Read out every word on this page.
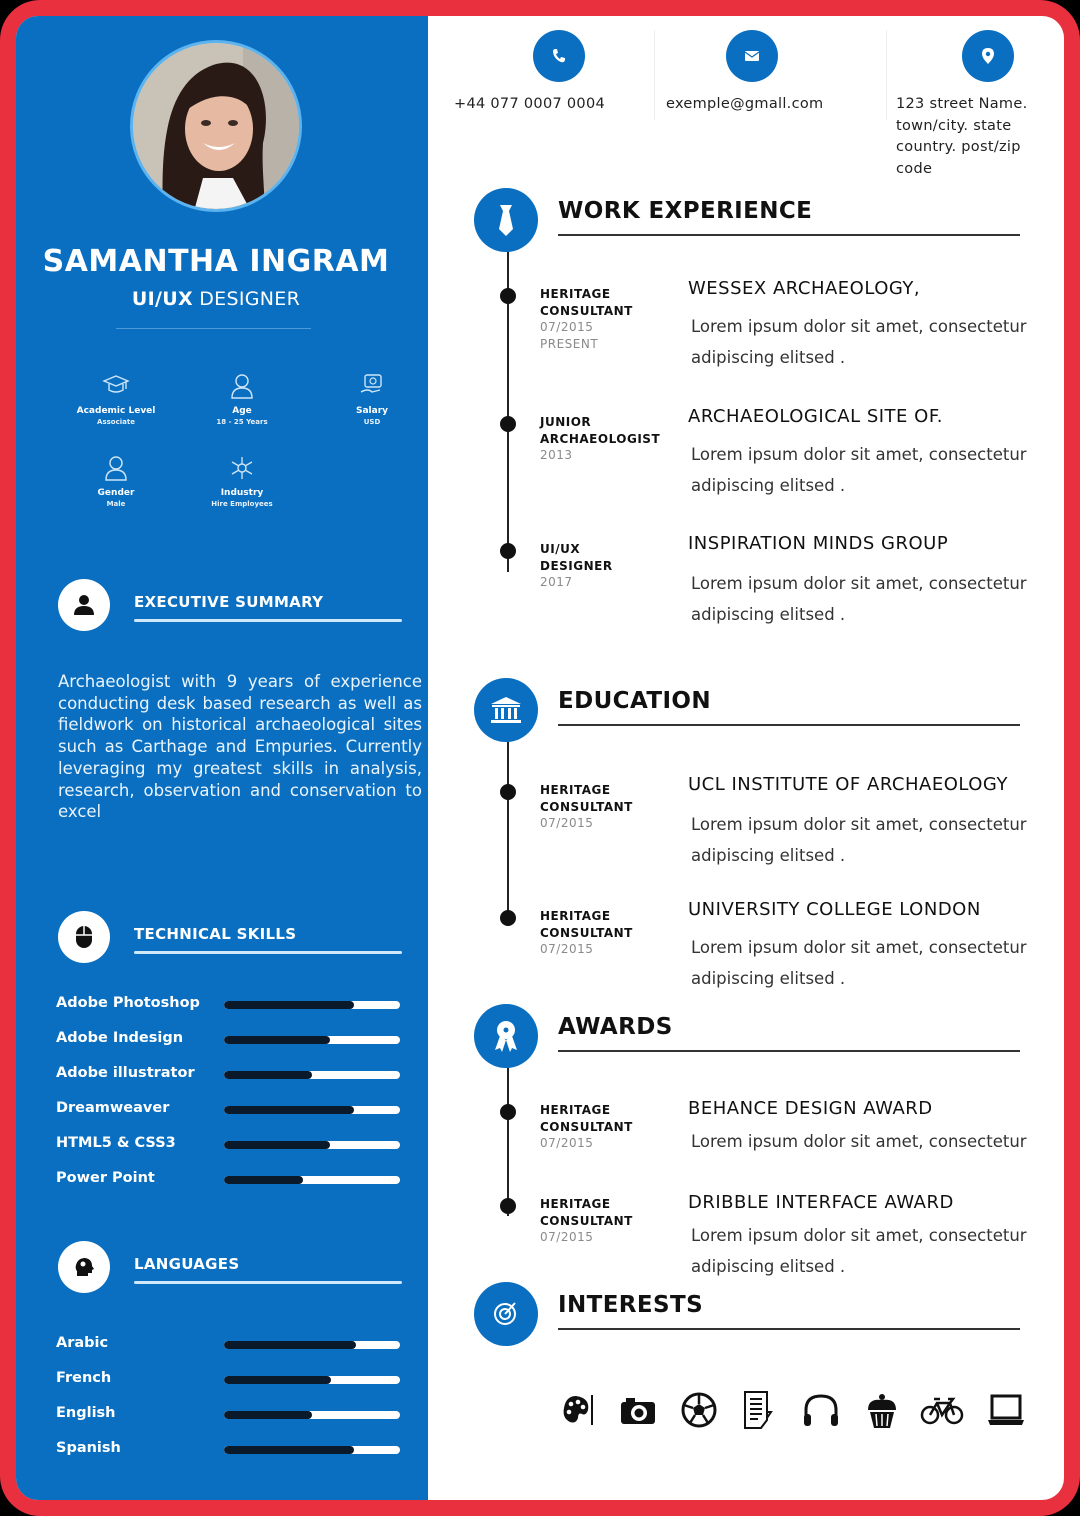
SAMANTHA INGRAM
UI/UX DESIGNER
Academic Level
Associate
Age
18 - 25 Years
Salary
USD
Gender
Male
Industry
Hire Employees
EXECUTIVE SUMMARY
Archaeologist with 9 years of experience conducting desk based research as well as fieldwork on historical archaeological sites such as Carthage and Empuries. Currently leveraging my greatest skills in analysis, research, observation and conservation to excel
TECHNICAL SKILLS
Adobe Photoshop
Adobe Indesign
Adobe illustrator
Dreamweaver
HTML5 & CSS3
Power Point
LANGUAGES
Arabic
French
English
Spanish
+44 077 0007 0004	exemple@gmall.com	123 street Name.
town/city. state
country. post/zip
code
WORK EXPERIENCE
HERITAGE
CONSULTANT
07/2015
PRESENT
WESSEX ARCHAEOLOGY,
Lorem ipsum dolor sit amet, consectetur
adipiscing elitsed .
JUNIOR
ARCHAEOLOGIST
2013
ARCHAEOLOGICAL SITE OF.
Lorem ipsum dolor sit amet, consectetur
adipiscing elitsed .
UI/UX
DESIGNER
2017
INSPIRATION MINDS GROUP
Lorem ipsum dolor sit amet, consectetur
adipiscing elitsed .
EDUCATION
HERITAGE
CONSULTANT
07/2015
UCL INSTITUTE OF ARCHAEOLOGY
Lorem ipsum dolor sit amet, consectetur
adipiscing elitsed .
HERITAGE
CONSULTANT
07/2015
UNIVERSITY COLLEGE LONDON
Lorem ipsum dolor sit amet, consectetur
adipiscing elitsed .
AWARDS
HERITAGE
CONSULTANT
07/2015
BEHANCE DESIGN AWARD
Lorem ipsum dolor sit amet, consectetur
HERITAGE
CONSULTANT
07/2015
DRIBBLE INTERFACE AWARD
Lorem ipsum dolor sit amet, consectetur
adipiscing elitsed .
INTERESTS
